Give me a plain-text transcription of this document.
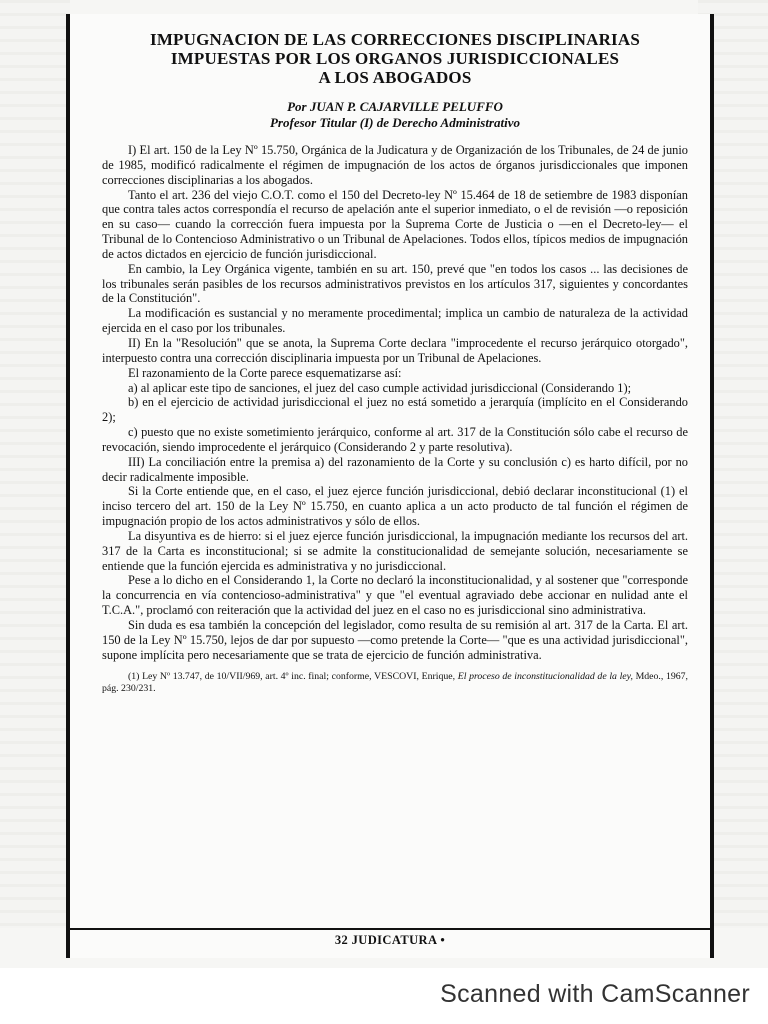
IMPUGNACION DE LAS CORRECCIONES DISCIPLINARIAS
IMPUESTAS POR LOS ORGANOS JURISDICCIONALES
A LOS ABOGADOS
Por JUAN P. CAJARVILLE PELUFFO
Profesor Titular (I) de Derecho Administrativo

I) El art. 150 de la Ley Nº 15.750, Orgánica de la Judicatura y de Organización de los Tribunales, de 24 de junio de 1985, modificó radicalmente el régimen de impugnación de los actos de órganos jurisdiccionales que imponen correcciones disciplinarias a los abogados.

Tanto el art. 236 del viejo C.O.T. como el 150 del Decreto-ley Nº 15.464 de 18 de setiembre de 1983 disponían que contra tales actos correspondía el recurso de apelación ante el superior inmediato, o el de revisión —o reposición en su caso— cuando la corrección fuera impuesta por la Suprema Corte de Justicia o —en el Decreto-ley— el Tribunal de lo Contencioso Administrativo o un Tribunal de Apelaciones. Todos ellos, típicos medios de impugnación de actos dictados en ejercicio de función jurisdiccional.

En cambio, la Ley Orgánica vigente, también en su art. 150, prevé que "en todos los casos ... las decisiones de los tribunales serán pasibles de los recursos administrativos previstos en los artículos 317, siguientes y concordantes de la Constitución".

La modificación es sustancial y no meramente procedimental; implica un cambio de naturaleza de la actividad ejercida en el caso por los tribunales.

II) En la "Resolución" que se anota, la Suprema Corte declara "improcedente el recurso jerárquico otorgado", interpuesto contra una corrección disciplinaria impuesta por un Tribunal de Apelaciones.

El razonamiento de la Corte parece esquematizarse así:

a) al aplicar este tipo de sanciones, el juez del caso cumple actividad jurisdiccional (Considerando 1);

b) en el ejercicio de actividad jurisdiccional el juez no está sometido a jerarquía (implícito en el Considerando 2);

c) puesto que no existe sometimiento jerárquico, conforme al art. 317 de la Constitución sólo cabe el recurso de revocación, siendo improcedente el jerárquico (Considerando 2 y parte resolutiva).

III) La conciliación entre la premisa a) del razonamiento de la Corte y su conclusión c) es harto difícil, por no decir radicalmente imposible.

Si la Corte entiende que, en el caso, el juez ejerce función jurisdiccional, debió declarar inconstitucional (1) el inciso tercero del art. 150 de la Ley Nº 15.750, en cuanto aplica a un acto producto de tal función el régimen de impugnación propio de los actos administrativos y sólo de ellos.

La disyuntiva es de hierro: si el juez ejerce función jurisdiccional, la impugnación mediante los recursos del art. 317 de la Carta es inconstitucional; si se admite la constitucionalidad de semejante solución, necesariamente se entiende que la función ejercida es administrativa y no jurisdiccional.

Pese a lo dicho en el Considerando 1, la Corte no declaró la inconstitucionalidad, y al sostener que "corresponde la concurrencia en vía contencioso-administrativa" y que "el eventual agraviado debe accionar en nulidad ante el T.C.A.", proclamó con reiteración que la actividad del juez en el caso no es jurisdiccional sino administrativa.

Sin duda es esa también la concepción del legislador, como resulta de su remisión al art. 317 de la Carta. El art. 150 de la Ley Nº 15.750, lejos de dar por supuesto —como pretende la Corte— "que es una actividad jurisdiccional", supone implícita pero necesariamente que se trata de ejercicio de función administrativa.

(1) Ley Nº 13.747, de 10/VII/969, art. 4º inc. final; conforme, VESCOVI, Enrique, El proceso de inconstitucionalidad de la ley, Mdeo., 1967, pág. 230/231.
32 JUDICATURA •
Scanned with CamScanner
